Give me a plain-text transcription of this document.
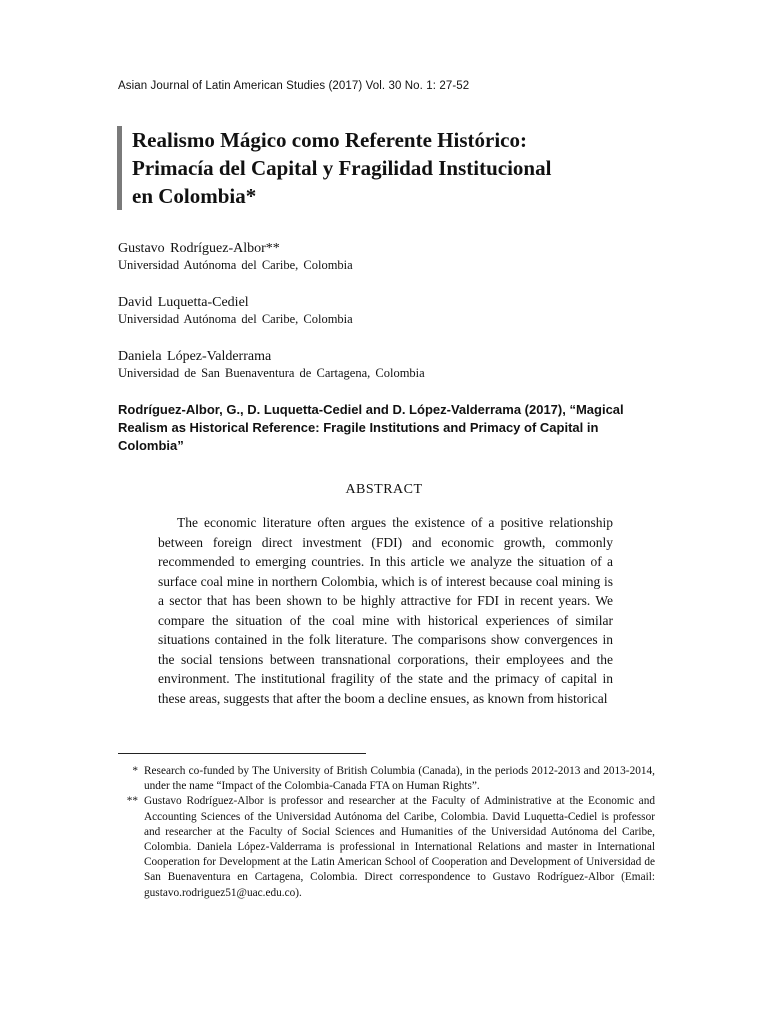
Asian Journal of Latin American Studies (2017) Vol. 30 No. 1: 27-52
Realismo Mágico como Referente Histórico:
Primacía del Capital y Fragilidad Institucional
en Colombia*
Gustavo Rodríguez-Albor**
Universidad Autónoma del Caribe, Colombia
David Luquetta-Cediel
Universidad Autónoma del Caribe, Colombia
Daniela López-Valderrama
Universidad de San Buenaventura de Cartagena, Colombia
Rodríguez-Albor, G., D. Luquetta-Cediel and D. López-Valderrama (2017), “Magical Realism as Historical Reference: Fragile Institutions and Primacy of Capital in Colombia”
ABSTRACT
The economic literature often argues the existence of a positive relationship between foreign direct investment (FDI) and economic growth, commonly recommended to emerging countries. In this article we analyze the situation of a surface coal mine in northern Colombia, which is of interest because coal mining is a sector that has been shown to be highly attractive for FDI in recent years. We compare the situation of the coal mine with historical experiences of similar situations contained in the folk literature. The comparisons show convergences in the social tensions between transnational corporations, their employees and the environment. The institutional fragility of the state and the primacy of capital in these areas, suggests that after the boom a decline ensues, as known from historical
* Research co-funded by The University of British Columbia (Canada), in the periods 2012-2013 and 2013-2014, under the name “Impact of the Colombia-Canada FTA on Human Rights”.
** Gustavo Rodríguez-Albor is professor and researcher at the Faculty of Administrative at the Economic and Accounting Sciences of the Universidad Autónoma del Caribe, Colombia. David Luquetta-Cediel is professor and researcher at the Faculty of Social Sciences and Humanities of the Universidad Autónoma del Caribe, Colombia. Daniela López-Valderrama is professional in International Relations and master in International Cooperation for Development at the Latin American School of Cooperation and Development of Universidad de San Buenaventura en Cartagena, Colombia. Direct correspondence to Gustavo Rodríguez-Albor (Email: gustavo.rodriguez51@uac.edu.co).
